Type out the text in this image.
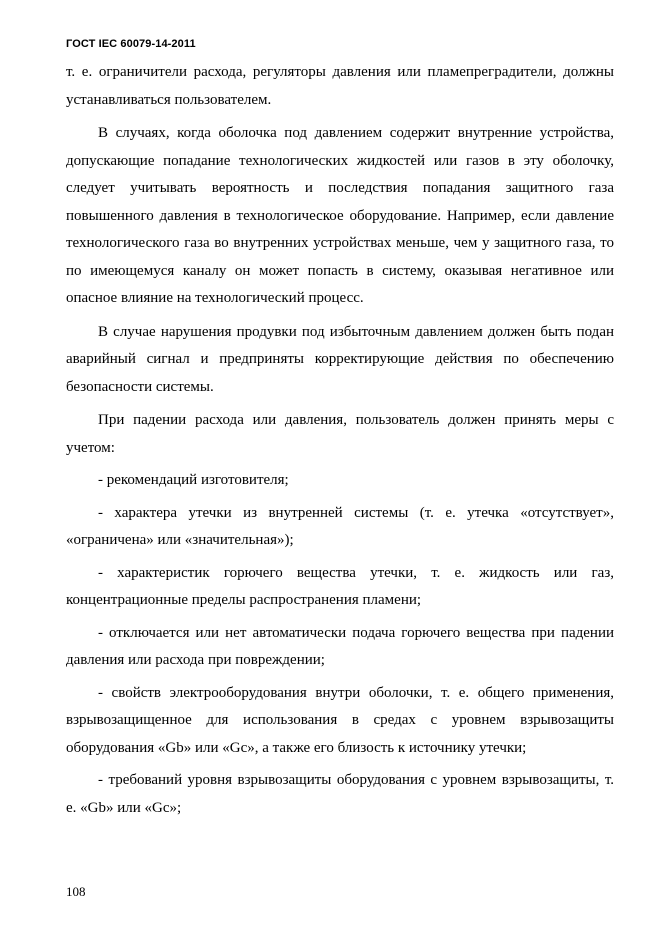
ГОСТ IEC 60079-14-2011

т. е. ограничители расхода, регуляторы давления или пламепреградители, должны устанавливаться пользователем.

В случаях, когда оболочка под давлением содержит внутренние устройства, допускающие попадание технологических жидкостей или газов в эту оболочку, следует учитывать вероятность и последствия попадания защитного газа повышенного давления в технологическое оборудование. Например, если давление технологического газа во внутренних устройствах меньше, чем у защитного газа, то по имеющемуся каналу он может попасть в систему, оказывая негативное или опасное влияние на технологический процесс.

В случае нарушения продувки под избыточным давлением должен быть подан аварийный сигнал и предприняты корректирующие действия по обеспечению безопасности системы.

При падении расхода или давления, пользователь должен принять меры с учетом:

- рекомендаций изготовителя;

- характера утечки из внутренней системы (т. е. утечка «отсутствует», «ограничена» или «значительная»);

- характеристик горючего вещества утечки, т. е. жидкость или газ, концентрационные пределы распространения пламени;

- отключается или нет автоматически подача горючего вещества при падении давления или расхода при повреждении;

- свойств электрооборудования внутри оболочки, т. е. общего применения, взрывозащищенное для использования в средах с уровнем взрывозащиты оборудования «Gb» или «Gc», а также его близость к источнику утечки;

- требований уровня взрывозащиты оборудования с уровнем взрывозащиты, т. е. «Gb» или «Gc»;

108
